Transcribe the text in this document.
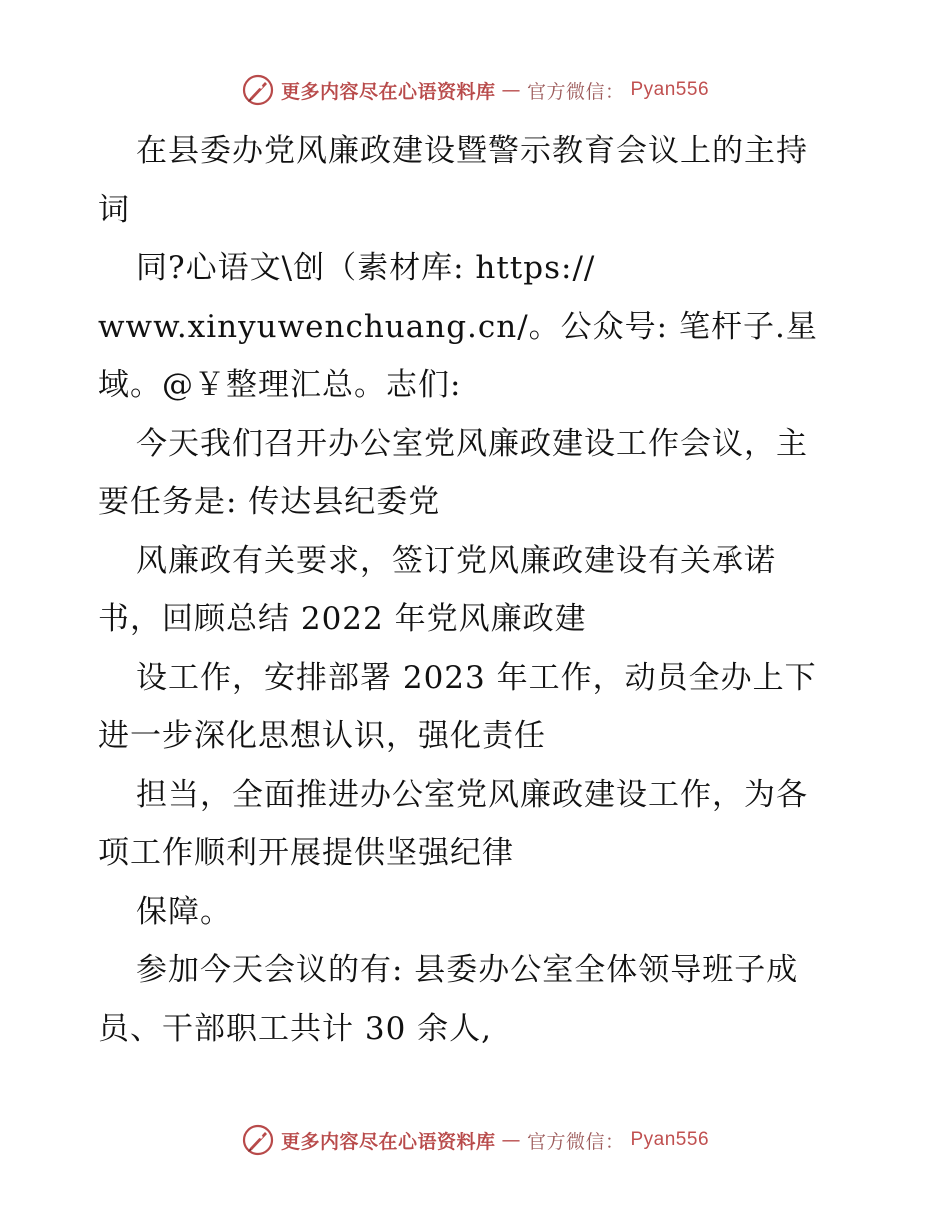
更多内容尽在心语资料库 — 官方微信： Pyan556
在县委办党风廉政建设暨警示教育会议上的主持
词
同?心语文\创（素材库: https://
www.xinyuwenchuang.cn/。公众号: 笔杆子.星
域。@￥整理汇总。志们:
今天我们召开办公室党风廉政建设工作会议，主
要任务是: 传达县纪委党
风廉政有关要求，签订党风廉政建设有关承诺
书，回顾总结 2022 年党风廉政建
设工作，安排部署 2023 年工作，动员全办上下
进一步深化思想认识，强化责任
担当，全面推进办公室党风廉政建设工作，为各
项工作顺利开展提供坚强纪律
保障。
参加今天会议的有: 县委办公室全体领导班子成
员、干部职工共计 30 余人,
更多内容尽在心语资料库 — 官方微信： Pyan556
